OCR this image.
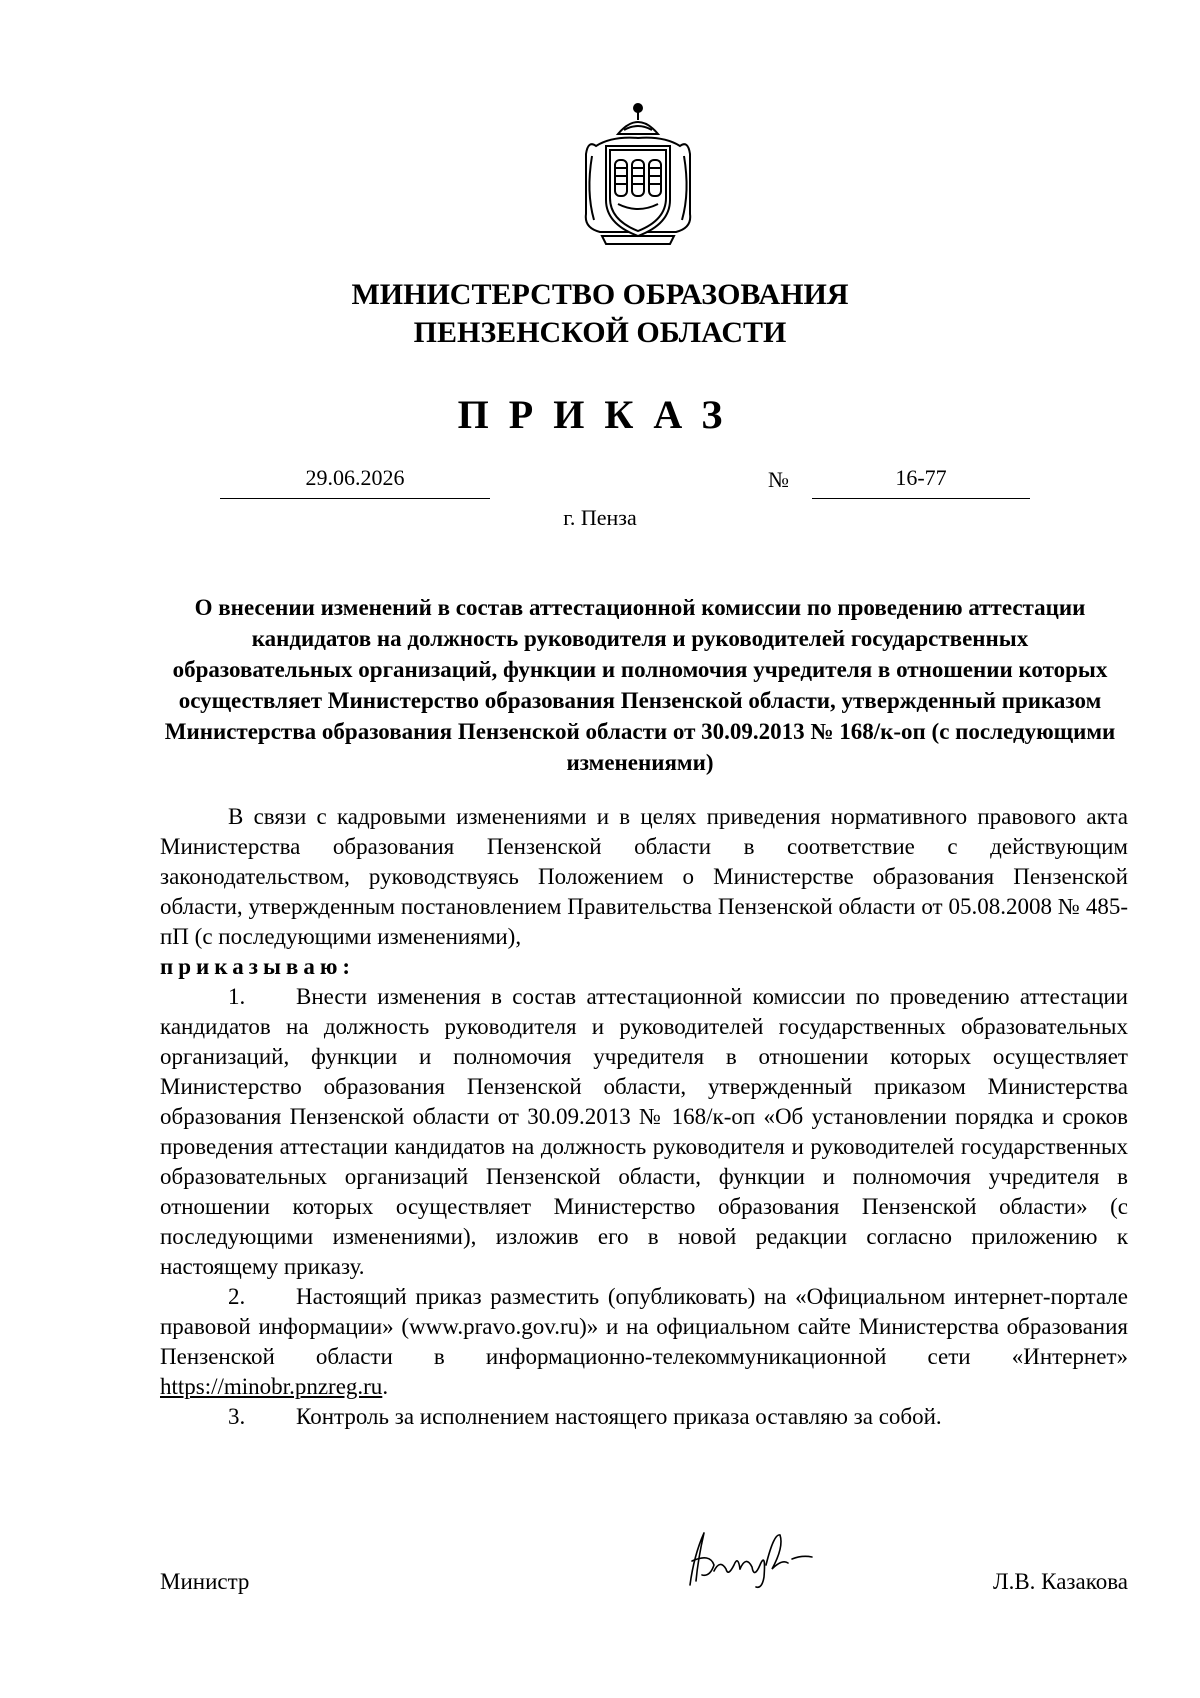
МИНИСТЕРСТВО ОБРАЗОВАНИЯ
ПЕНЗЕНСКОЙ ОБЛАСТИ
ПРИКАЗ
29.06.2026	№	16-77
г. Пенза
О внесении изменений в состав аттестационной комиссии по проведению аттестации кандидатов на должность руководителя и руководителей государственных образовательных организаций, функции и полномочия учредителя в отношении которых осуществляет Министерство образования Пензенской области, утвержденный приказом Министерства образования Пензенской области от 30.09.2013 № 168/к-оп (с последующими изменениями)

В связи с кадровыми изменениями и в целях приведения нормативного правового акта Министерства образования Пензенской области в соответствие с действующим законодательством, руководствуясь Положением о Министерстве образования Пензенской области, утвержденным постановлением Правительства Пензенской области от 05.08.2008 № 485-пП (с последующими изменениями),

приказываю:

1. Внести изменения в состав аттестационной комиссии по проведению аттестации кандидатов на должность руководителя и руководителей государственных образовательных организаций, функции и полномочия учредителя в отношении которых осуществляет Министерство образования Пензенской области, утвержденный приказом Министерства образования Пензенской области от 30.09.2013 № 168/к-оп «Об установлении порядка и сроков проведения аттестации кандидатов на должность руководителя и руководителей государственных образовательных организаций Пензенской области, функции и полномочия учредителя в отношении которых осуществляет Министерство образования Пензенской области» (с последующими изменениями), изложив его в новой редакции согласно приложению к настоящему приказу.

2. Настоящий приказ разместить (опубликовать) на «Официальном интернет-портале правовой информации» (www.pravo.gov.ru)» и на официальном сайте Министерства образования Пензенской области в информационно-телекоммуникационной сети «Интернет» https://minobr.pnzreg.ru.

3. Контроль за исполнением настоящего приказа оставляю за собой.

Министр	Л.В. Казакова
